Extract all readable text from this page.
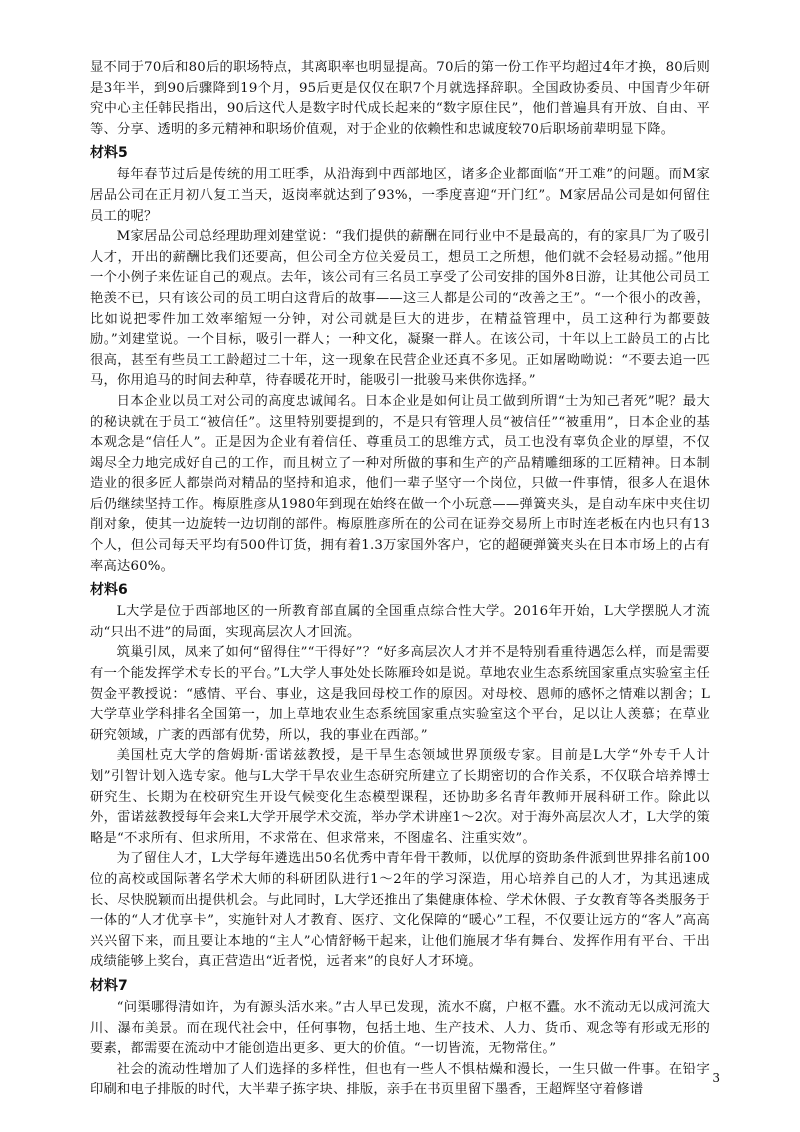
显不同于70后和80后的职场特点，其离职率也明显提高。70后的第一份工作平均超过4年才换，80后则是3年半，到90后骤降到19个月，95后更是仅仅在职7个月就选择辞职。全国政协委员、中国青少年研究中心主任韩民指出，90后这代人是数字时代成长起来的“数字原住民”，他们普遍具有开放、自由、平等、分享、透明的多元精神和职场价值观，对于企业的依赖性和忠诚度较70后职场前辈明显下降。

材料5

每年春节过后是传统的用工旺季，从沿海到中西部地区，诸多企业都面临“开工难”的问题。而M家居品公司在正月初八复工当天，返岗率就达到了93%，一季度喜迎“开门红”。M家居品公司是如何留住员工的呢？

M家居品公司总经理助理刘建堂说：“我们提供的薪酬在同行业中不是最高的，有的家具厂为了吸引人才，开出的薪酬比我们还要高，但公司全方位关爱员工，想员工之所想，他们就不会轻易动摇。”他用一个小例子来佐证自己的观点。去年，该公司有三名员工享受了公司安排的国外8日游，让其他公司员工艳羡不已，只有该公司的员工明白这背后的故事——这三人都是公司的“改善之王”。“一个很小的改善，比如说把零件加工效率缩短一分钟，对公司就是巨大的进步，在精益管理中，员工这种行为都要鼓励。”刘建堂说。一个目标，吸引一群人；一种文化，凝聚一群人。在该公司，十年以上工龄员工的占比很高，甚至有些员工工龄超过二十年，这一现象在民营企业还真不多见。正如屠呦呦说：“不要去追一匹马，你用追马的时间去种草，待春暖花开时，能吸引一批骏马来供你选择。”

日本企业以员工对公司的高度忠诚闻名。日本企业是如何让员工做到所谓“士为知己者死”呢？最大的秘诀就在于员工“被信任”。这里特别要提到的，不是只有管理人员“被信任”“被重用”，日本企业的基本观念是“信任人”。正是因为企业有着信任、尊重员工的思维方式，员工也没有辜负企业的厚望，不仅竭尽全力地完成好自己的工作，而且树立了一种对所做的事和生产的产品精雕细琢的工匠精神。日本制造业的很多匠人都崇尚对精品的坚持和追求，他们一辈子坚守一个岗位，只做一件事情，很多人在退休后仍继续坚持工作。梅原胜彦从1980年到现在始终在做一个小玩意——弹簧夹头，是自动车床中夹住切削对象，使其一边旋转一边切削的部件。梅原胜彦所在的公司在证券交易所上市时连老板在内也只有13个人，但公司每天平均有500件订货，拥有着1.3万家国外客户，它的超硬弹簧夹头在日本市场上的占有率高达60%。

材料6

L大学是位于西部地区的一所教育部直属的全国重点综合性大学。2016年开始，L大学摆脱人才流动“只出不进”的局面，实现高层次人才回流。

筑巢引凤，凤来了如何“留得住”“干得好”？“好多高层次人才并不是特别看重待遇怎么样，而是需要有一个能发挥学术专长的平台。”L大学人事处处长陈雁玲如是说。草地农业生态系统国家重点实验室主任贺金平教授说：“感情、平台、事业，这是我回母校工作的原因。对母校、恩师的感怀之情难以割舍；L大学草业学科排名全国第一，加上草地农业生态系统国家重点实验室这个平台，足以让人羡慕；在草业研究领域，广袤的西部有优势，所以，我的事业在西部。”

美国杜克大学的詹姆斯·雷诺兹教授，是干旱生态领域世界顶级专家。目前是L大学“外专千人计划”引智计划入选专家。他与L大学干旱农业生态研究所建立了长期密切的合作关系，不仅联合培养博士研究生、长期为在校研究生开设气候变化生态模型课程，还协助多名青年教师开展科研工作。除此以外，雷诺兹教授每年会来L大学开展学术交流，举办学术讲座1～2次。对于海外高层次人才，L大学的策略是“不求所有、但求所用，不求常在、但求常来，不图虚名、注重实效”。

为了留住人才，L大学每年遴选出50名优秀中青年骨干教师，以优厚的资助条件派到世界排名前100位的高校或国际著名学术大师的科研团队进行1～2年的学习深造，用心培养自己的人才，为其迅速成长、尽快脱颖而出提供机会。与此同时，L大学还推出了集健康体检、学术休假、子女教育等各类服务于一体的“人才优享卡”，实施针对人才教育、医疗、文化保障的“暖心”工程，不仅要让远方的“客人”高高兴兴留下来，而且要让本地的“主人”心情舒畅干起来，让他们施展才华有舞台、发挥作用有平台、干出成绩能够上奖台，真正营造出“近者悦，远者来”的良好人才环境。

材料7

“问渠哪得清如许，为有源头活水来。”古人早已发现，流水不腐，户枢不蠹。水不流动无以成河流大川、瀑布美景。而在现代社会中，任何事物，包括土地、生产技术、人力、货币、观念等有形或无形的要素，都需要在流动中才能创造出更多、更大的价值。“一切皆流，无物常住。”

社会的流动性增加了人们选择的多样性，但也有一些人不惧枯燥和漫长，一生只做一件事。在铅字印刷和电子排版的时代，大半辈子拣字块、排版，亲手在书页里留下墨香，王超辉坚守着修谱

3
